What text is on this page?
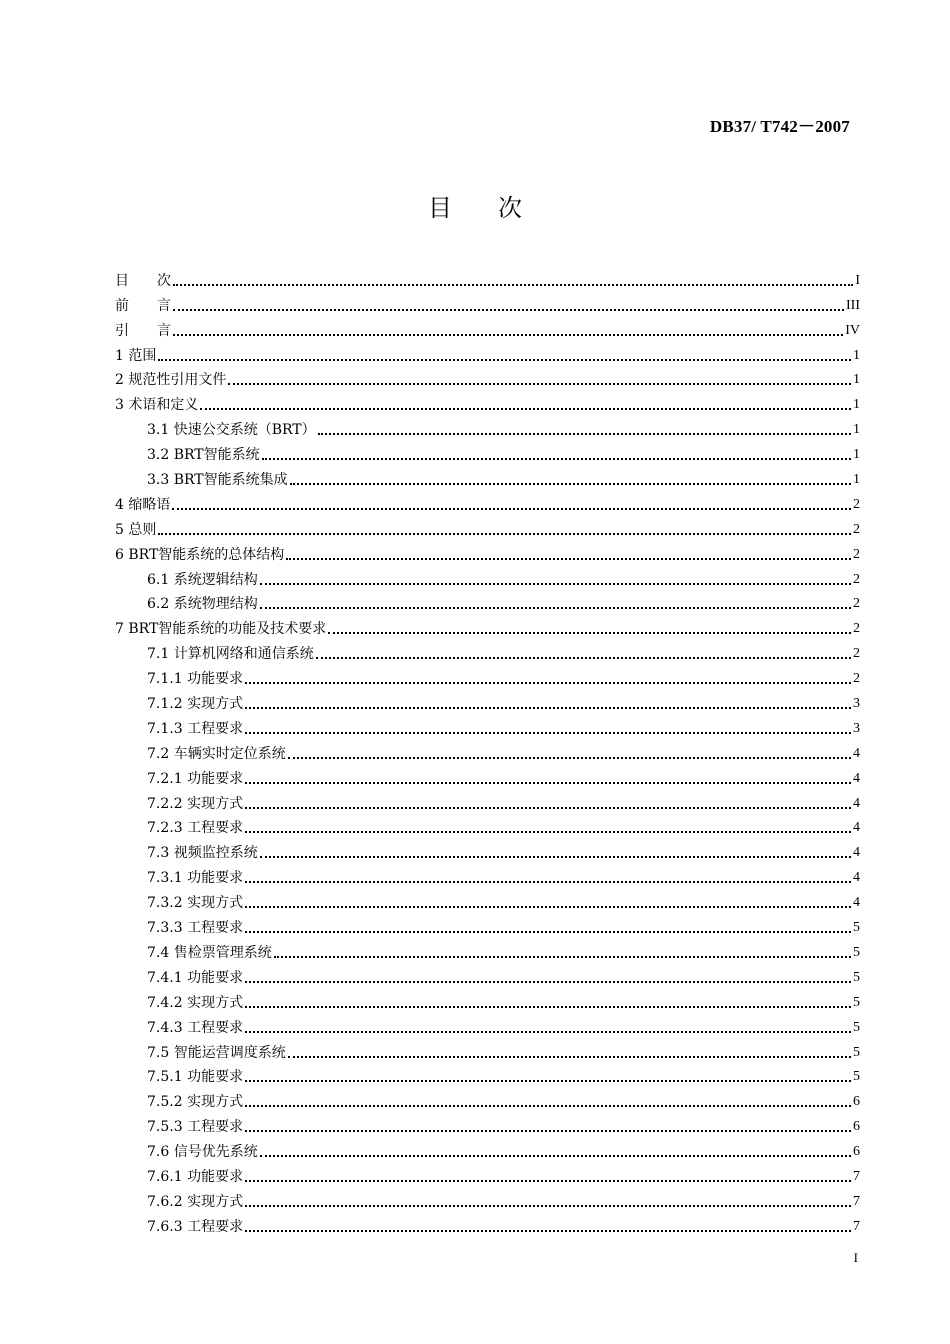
DB37/ T742－2007
目 次
目　　次	I
前　　言	III
引　　言	IV
1 范围	1
2 规范性引用文件	1
3 术语和定义	1
3.1 快速公交系统（BRT）	1
3.2 BRT智能系统	1
3.3 BRT智能系统集成	1
4 缩略语	2
5 总则	2
6 BRT智能系统的总体结构	2
6.1 系统逻辑结构	2
6.2 系统物理结构	2
7 BRT智能系统的功能及技术要求	2
7.1 计算机网络和通信系统	2
7.1.1 功能要求	2
7.1.2 实现方式	3
7.1.3 工程要求	3
7.2 车辆实时定位系统	4
7.2.1 功能要求	4
7.2.2 实现方式	4
7.2.3 工程要求	4
7.3 视频监控系统	4
7.3.1 功能要求	4
7.3.2 实现方式	4
7.3.3 工程要求	5
7.4 售检票管理系统	5
7.4.1 功能要求	5
7.4.2 实现方式	5
7.4.3 工程要求	5
7.5 智能运营调度系统	5
7.5.1 功能要求	5
7.5.2 实现方式	6
7.5.3 工程要求	6
7.6 信号优先系统	6
7.6.1 功能要求	7
7.6.2 实现方式	7
7.6.3 工程要求	7
I
